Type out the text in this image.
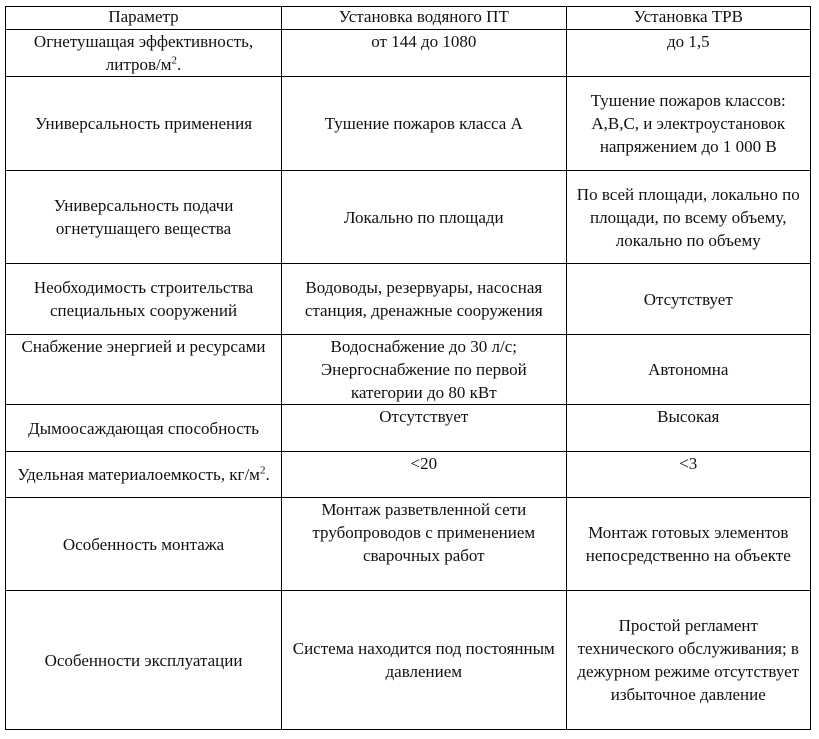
Параметр	Установка водяного ПТ	Установка ТРВ
Огнетушащая эффективность, литров/$м^2$.	от 144 до 1080	до 1,5
Универсальность применения	Тушение пожаров класса А	Тушение пожаров классов: А,В,С, и электроустановок напряжением до 1 000 В
Универсальность подачи огнетушащего вещества	Локально по площади	По всей площади, локально по площади, по всему объему, локально по объему
Необходимость строительства специальных сооружений	Водоводы, резервуары, насосная станция, дренажные сооружения	Отсутствует
Снабжение энергией и ресурсами	Водоснабжение до 30 л/с; Энергоснабжение по первой категории до 80 кВт	Автономна
Дымоосаждающая способность	Отсутствует	Высокая
Удельная материалоемкость, $кг/м^2$.	<20	<3
Особенность монтажа	Монтаж разветвленной сети трубопроводов с применением сварочных работ	Монтаж готовых элементов непосредственно на объекте
Особенности эксплуатации	Система находится под постоянным давлением	Простой регламент технического обслуживания; в дежурном режиме отсутствует избыточное давление
